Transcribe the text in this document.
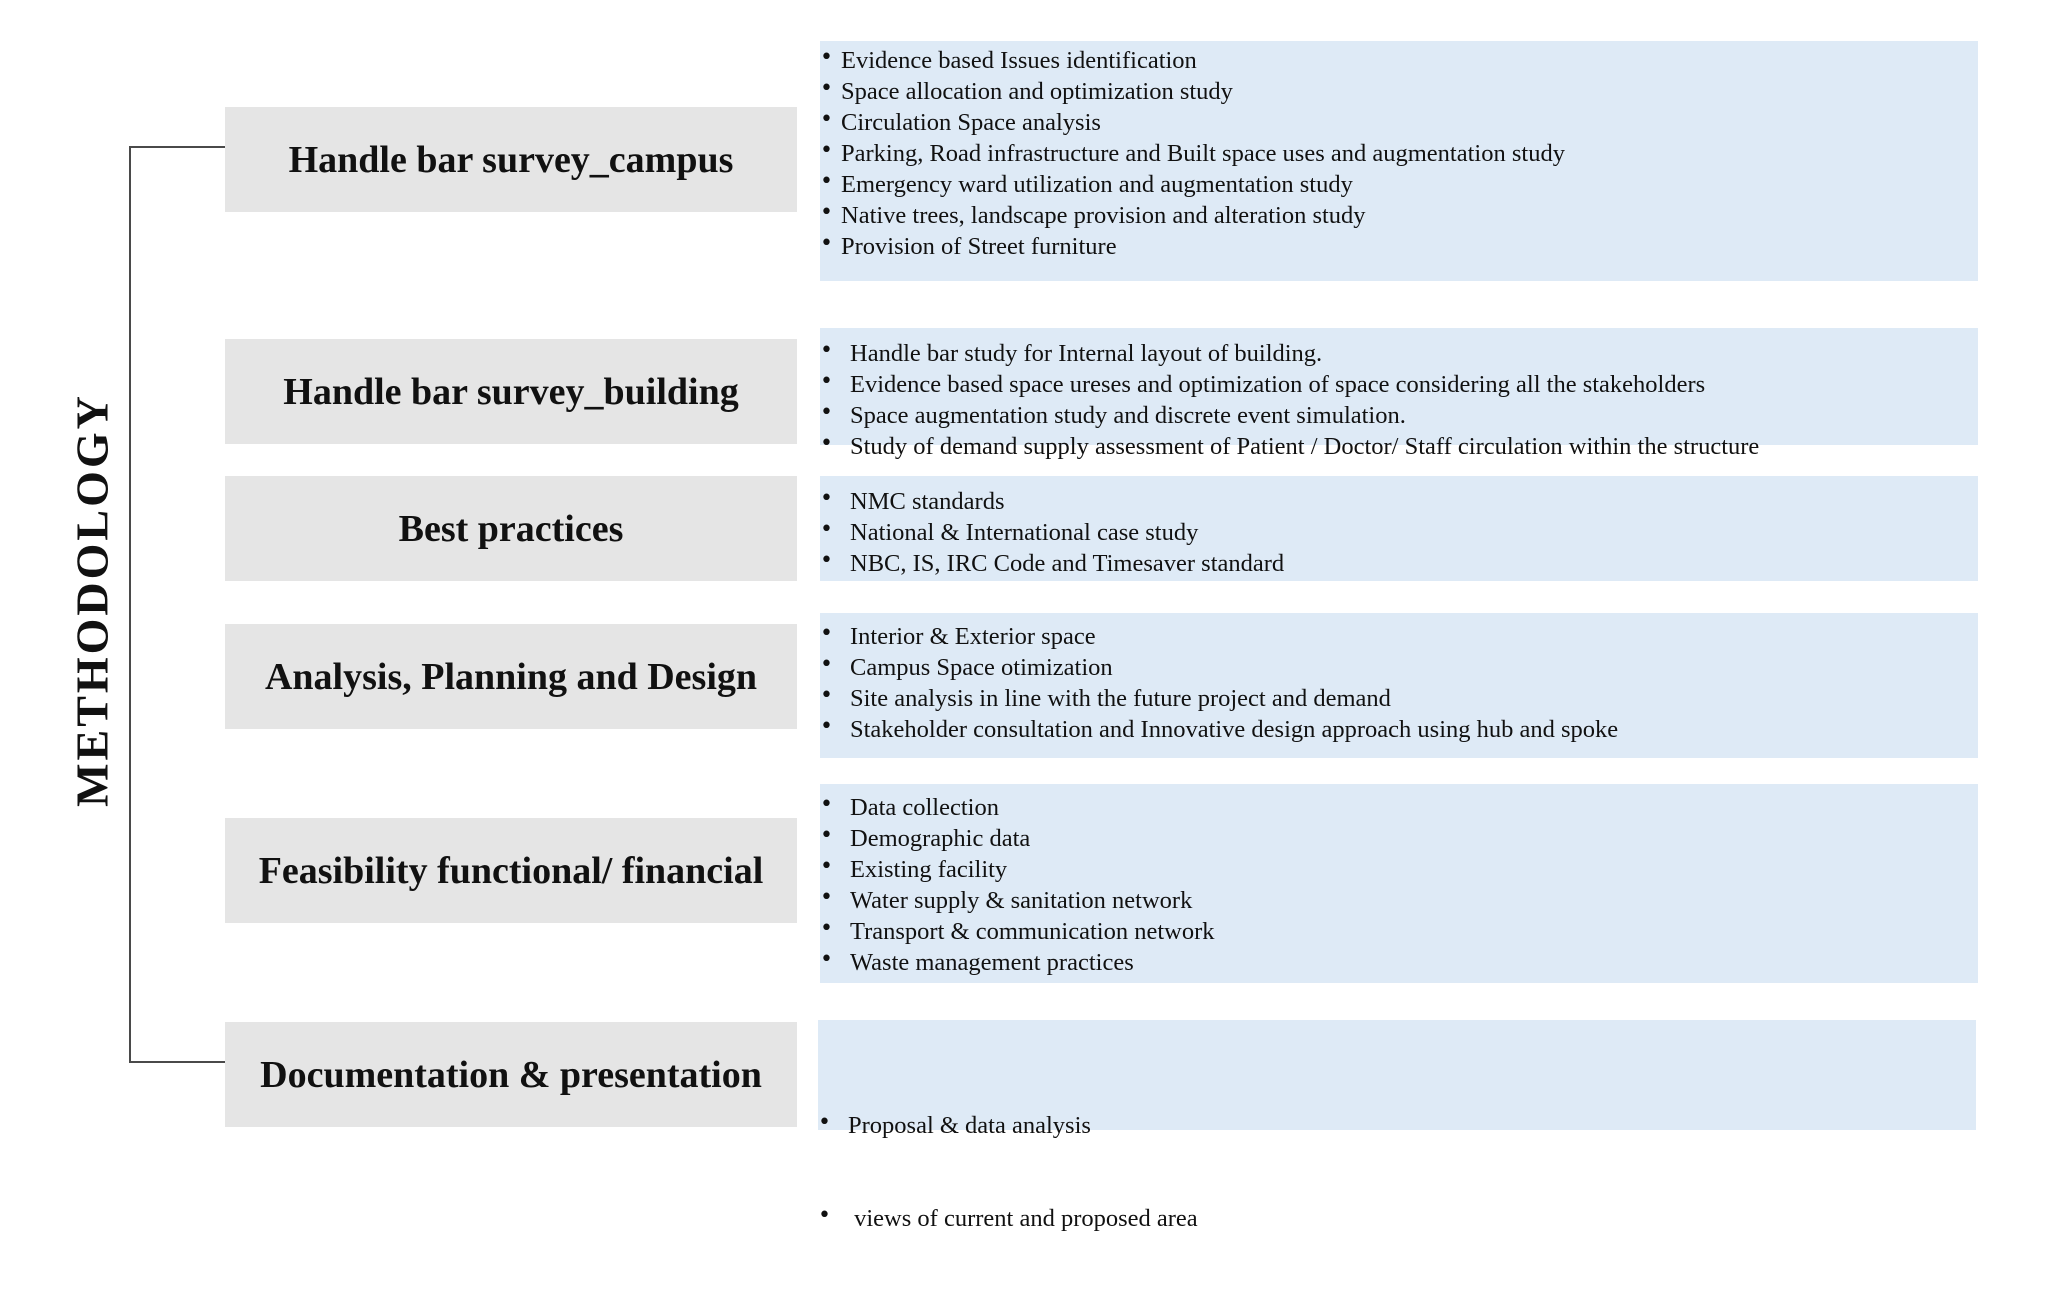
METHODOLOGY
Handle bar survey_campus
• Evidence based Issues identification
• Space allocation and optimization study
• Circulation Space analysis
• Parking, Road infrastructure and Built space uses and augmentation study
• Emergency ward utilization and augmentation study
• Native trees, landscape provision and alteration study
• Provision of Street furniture
Handle bar survey_building
• Handle bar study for Internal layout of building.
• Evidence based space ureses and optimization of space considering all the stakeholders
• Space augmentation study and discrete event simulation.
• Study of demand supply assessment of Patient / Doctor/ Staff circulation within the structure
Best practices
• NMC standards
• National & International case study
• NBC, IS, IRC Code and Timesaver standard
Analysis, Planning and Design
• Interior & Exterior space
• Campus Space otimization
• Site analysis in line with the future project and demand
• Stakeholder consultation and Innovative design approach using hub and spoke
Feasibility functional/ financial
• Data collection
• Demographic data
• Existing facility
• Water supply & sanitation network
• Transport & communication network
• Waste management practices
Documentation & presentation

• Proposal & data analysis

•  views of current and proposed area
